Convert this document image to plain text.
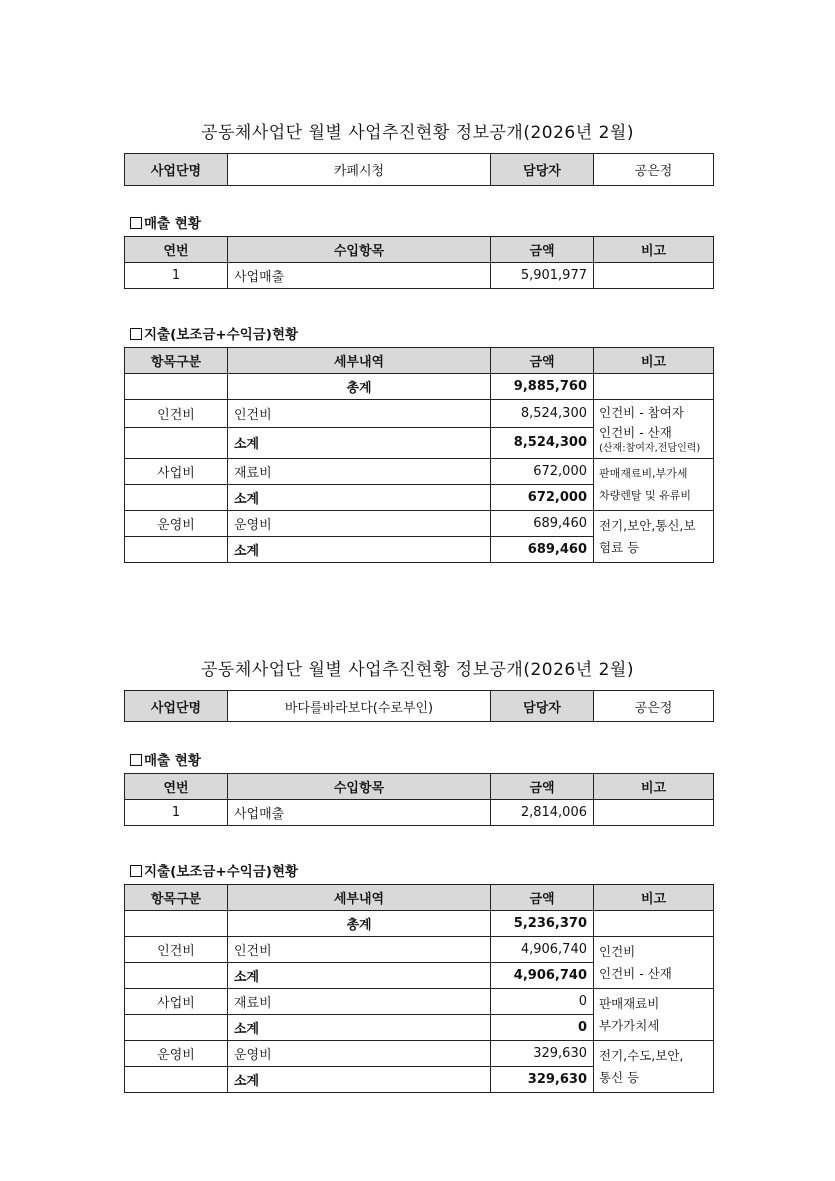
공동체사업단 월별 사업추진현황 정보공개(2026년 2월)
사업단명	카페시청	담당자	공은정
매출 현황
연번	수입항목	금액	비고
1	사업매출	5,901,977	
지출(보조금+수익금)현황
항목구분	세부내역	금액	비고
	총계	9,885,760	
인건비	인건비	8,524,300	인건비 - 참여자
인건비 - 산재
(산재:참여자,전담인력)

	소계	8,524,300	
사업비	재료비	672,000	판매재료비,부가세
차량렌탈 및 유류비

	소계	672,000	
운영비	운영비	689,460	전기,보안,통신,보
험료 등

	소계	689,460	
공동체사업단 월별 사업추진현황 정보공개(2026년 2월)
사업단명	바다를바라보다(수로부인)	담당자	공은정
매출 현황
연번	수입항목	금액	비고
1	사업매출	2,814,006	
지출(보조금+수익금)현황
항목구분	세부내역	금액	비고
	총계	5,236,370	
인건비	인건비	4,906,740	인건비
인건비 - 산재

	소계	4,906,740	
사업비	재료비	0	판매재료비
부가가치세

	소계	0	
운영비	운영비	329,630	전기,수도,보안,
통신 등

	소계	329,630	
